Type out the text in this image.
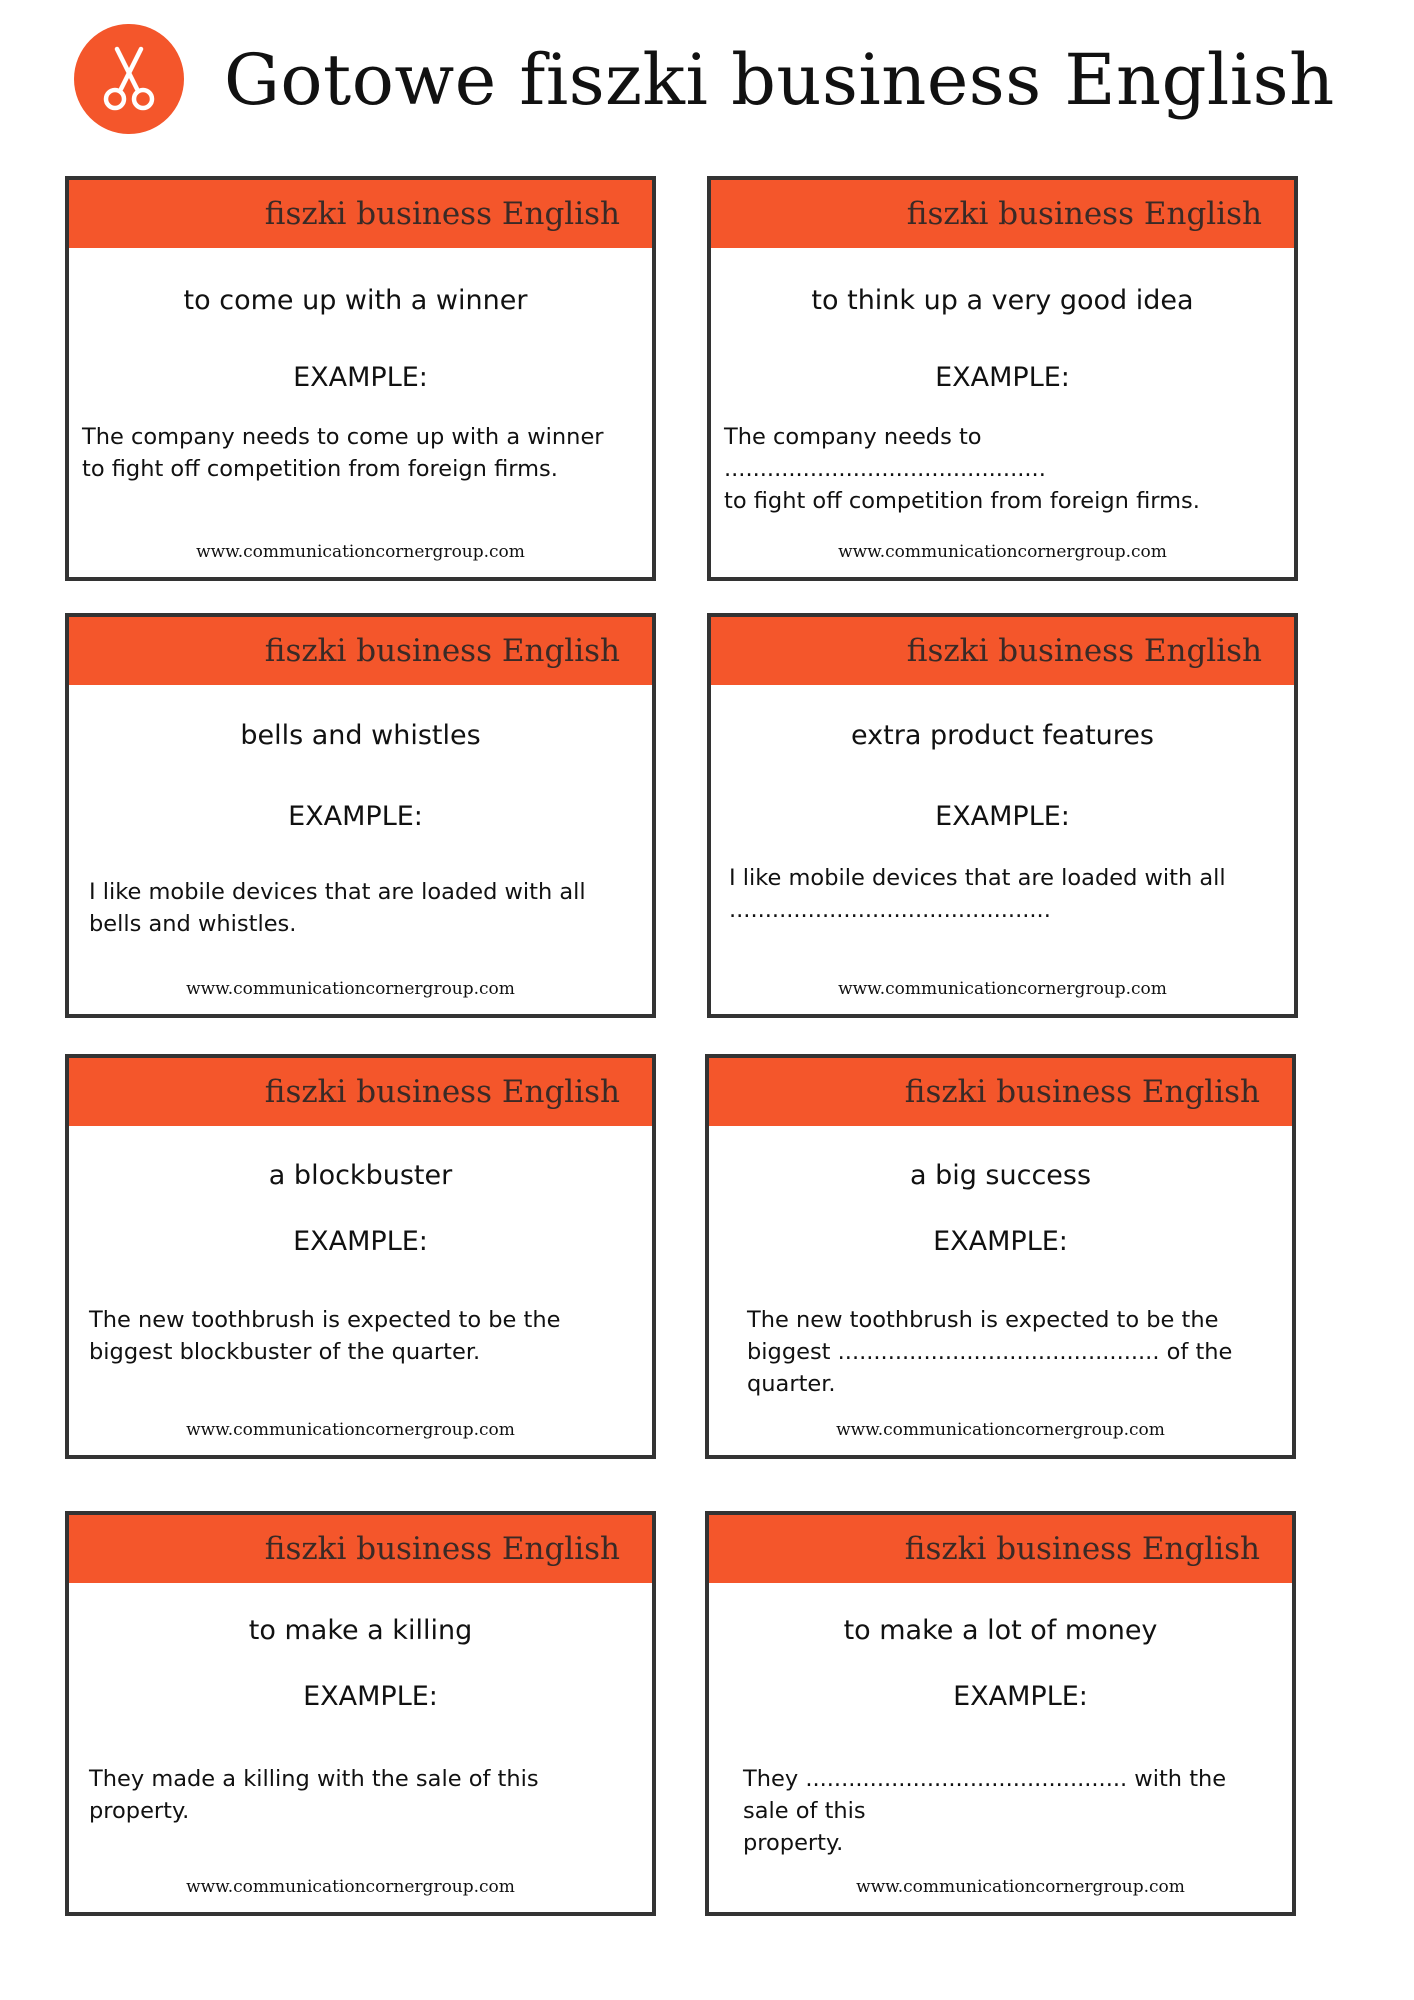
Gotowe fiszki business English
fiszki business English
to come up with a winner
EXAMPLE:
The company needs to come up with a winner
to fight off competition from foreign firms.
www.communicationcornergroup.com
fiszki business English
to think up a very good idea
EXAMPLE:
The company needs to .............................................
to fight off competition from foreign firms.
www.communicationcornergroup.com
fiszki business English
bells and whistles
EXAMPLE:
I like mobile devices that are loaded with all
bells and whistles.
www.communicationcornergroup.com
fiszki business English
extra product features
EXAMPLE:
I like mobile devices that are loaded with all
.............................................
www.communicationcornergroup.com
fiszki business English
a blockbuster
EXAMPLE:
The new toothbrush is expected to be the
biggest blockbuster of the quarter.
www.communicationcornergroup.com
fiszki business English
a big success
EXAMPLE:
The new toothbrush is expected to be the
biggest ............................................. of the quarter.
www.communicationcornergroup.com
fiszki business English
to make a killing
EXAMPLE:
They made a killing with the sale of this
property.
www.communicationcornergroup.com
fiszki business English
to make a lot of money
EXAMPLE:
They ............................................. with the sale of this
property.
www.communicationcornergroup.com
